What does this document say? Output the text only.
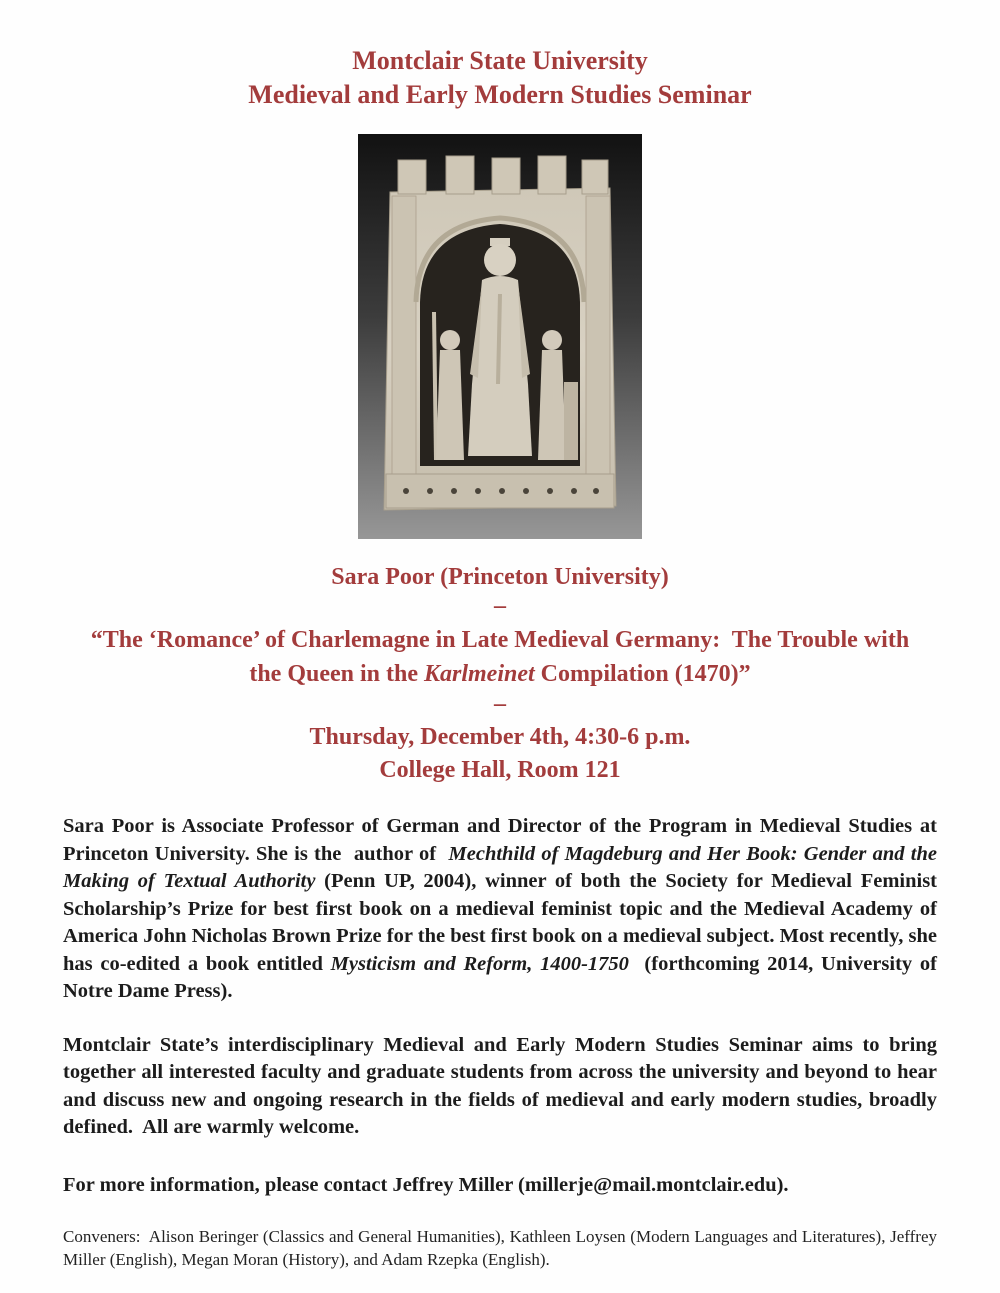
Montclair State University
Medieval and Early Modern Studies Seminar
Sara Poor (Princeton University)
–
“The ‘Romance’ of Charlemagne in Late Medieval Germany:  The Trouble with the Queen in the Karlmeinet Compilation (1470)”
–
Thursday, December 4th, 4:30-6 p.m.
College Hall, Room 121
Sara Poor is Associate Professor of German and Director of the Program in Medieval Studies at Princeton University. She is the  author of  Mechthild of Magdeburg and Her Book: Gender and the Making of Textual Authority (Penn UP, 2004), winner of both the Society for Medieval Feminist Scholarship’s Prize for best first book on a medieval feminist topic and the Medieval Academy of America John Nicholas Brown Prize for the best first book on a medieval subject. Most recently, she has co-edited a book entitled Mysticism and Reform, 1400-1750  (forthcoming 2014, University of Notre Dame Press).
Montclair State’s interdisciplinary Medieval and Early Modern Studies Seminar aims to bring together all interested faculty and graduate students from across the university and beyond to hear and discuss new and ongoing research in the fields of medieval and early modern studies, broadly defined.  All are warmly welcome.
For more information, please contact Jeffrey Miller (millerje@mail.montclair.edu).
Conveners:  Alison Beringer (Classics and General Humanities), Kathleen Loysen (Modern Languages and Literatures), Jeffrey Miller (English), Megan Moran (History), and Adam Rzepka (English).
